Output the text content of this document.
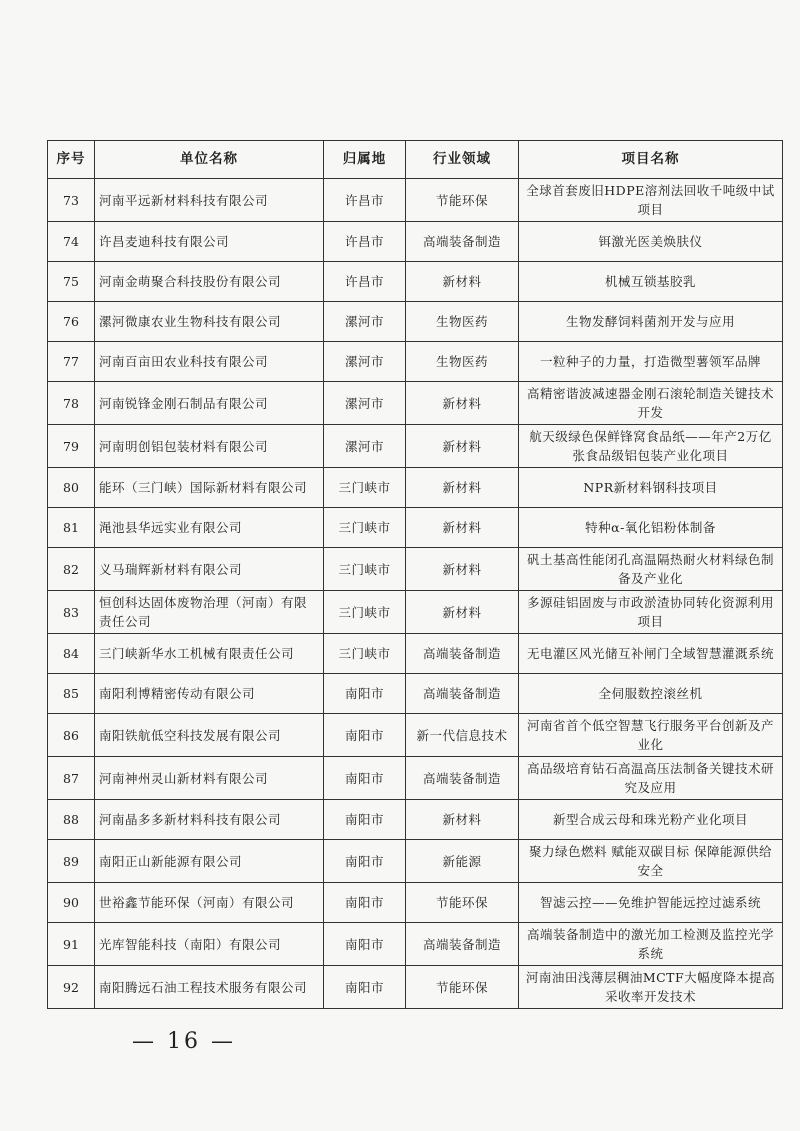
序号	单位名称	归属地	行业领域	项目名称
73	河南平远新材料科技有限公司	许昌市	节能环保	全球首套废旧HDPE溶剂法回收千吨级中试项目
74	许昌麦迪科技有限公司	许昌市	高端装备制造	铒激光医美焕肤仪
75	河南金萌聚合科技股份有限公司	许昌市	新材料	机械互锁基胶乳
76	漯河微康农业生物科技有限公司	漯河市	生物医药	生物发酵饲料菌剂开发与应用
77	河南百亩田农业科技有限公司	漯河市	生物医药	一粒种子的力量，打造微型薯领军品牌
78	河南锐锋金刚石制品有限公司	漯河市	新材料	高精密谐波减速器金刚石滚轮制造关键技术开发
79	河南明创铝包装材料有限公司	漯河市	新材料	航天级绿色保鲜锋窝食品纸——年产2万亿张食品级铝包装产业化项目
80	能环（三门峡）国际新材料有限公司	三门峡市	新材料	NPR新材料钢科技项目
81	渑池县华远实业有限公司	三门峡市	新材料	特种α-氧化铝粉体制备
82	义马瑞辉新材料有限公司	三门峡市	新材料	矾土基高性能闭孔高温隔热耐火材料绿色制备及产业化
83	恒创科达固体废物治理（河南）有限责任公司	三门峡市	新材料	多源硅铝固废与市政淤渣协同转化资源利用项目
84	三门峡新华水工机械有限责任公司	三门峡市	高端装备制造	无电灌区风光储互补闸门全域智慧灌溉系统
85	南阳利博精密传动有限公司	南阳市	高端装备制造	全伺服数控滚丝机
86	南阳铁航低空科技发展有限公司	南阳市	新一代信息技术	河南省首个低空智慧飞行服务平台创新及产业化
87	河南神州灵山新材料有限公司	南阳市	高端装备制造	高品级培育钻石高温高压法制备关键技术研究及应用
88	河南晶多多新材料科技有限公司	南阳市	新材料	新型合成云母和珠光粉产业化项目
89	南阳正山新能源有限公司	南阳市	新能源	聚力绿色燃料 赋能双碳目标 保障能源供给安全
90	世裕鑫节能环保（河南）有限公司	南阳市	节能环保	智滤云控——免维护智能远控过滤系统
91	光库智能科技（南阳）有限公司	南阳市	高端装备制造	高端装备制造中的激光加工检测及监控光学系统
92	南阳腾远石油工程技术服务有限公司	南阳市	节能环保	河南油田浅薄层稠油MCTF大幅度降本提高采收率开发技术
— 16 —
